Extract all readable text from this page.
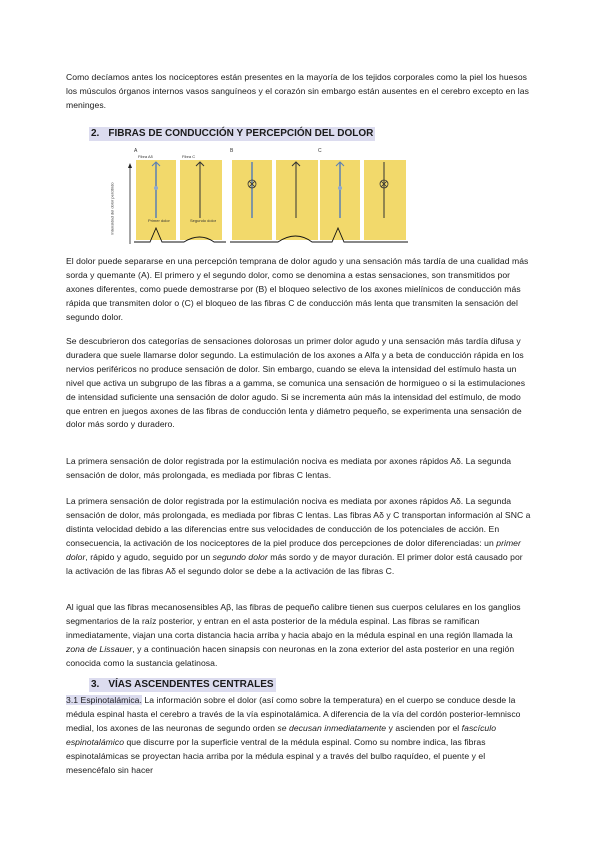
Como decíamos antes los nociceptores están presentes en la mayoría de los tejidos corporales como la piel los huesos los músculos órganos internos vasos sanguíneos y el corazón sin embargo están ausentes en el cerebro excepto en las meninges.

2. FIBRAS DE CONDUCCIÓN Y PERCEPCIÓN DEL DOLOR
A	B	C
Intensidad del dolor percibido
Fibra Aδ	Fibra C
Primer dolor	Segundo dolor

El dolor puede separarse en una percepción temprana de dolor agudo y una sensación más tardía de una cualidad más sorda y quemante (A). El primero y el segundo dolor, como se denomina a estas sensaciones, son transmitidos por axones diferentes, como puede demostrarse por (B) el bloqueo selectivo de los axones mielínicos de conducción más rápida que transmiten dolor o (C) el bloqueo de las fibras C de conducción más lenta que transmiten la sensación del segundo dolor.

Se descubrieron dos categorías de sensaciones dolorosas un primer dolor agudo y una sensación más tardía difusa y duradera que suele llamarse dolor segundo. La estimulación de los axones a Alfa y a beta de conducción rápida en los nervios periféricos no produce sensación de dolor. Sin embargo, cuando se eleva la intensidad del estímulo hasta un nivel que activa un subgrupo de las fibras a a gamma, se comunica una sensación de hormigueo o si la estimulaciones de intensidad suficiente una sensación de dolor agudo. Si se incrementa aún más la intensidad del estímulo, de modo que entren en juegos axones de las fibras de conducción lenta y diámetro pequeño, se experimenta una sensación de dolor más sordo y duradero.

La primera sensación de dolor registrada por la estimulación nociva es mediata por axones rápidos Aδ. La segunda sensación de dolor, más prolongada, es mediada por fibras C lentas.

La primera sensación de dolor registrada por la estimulación nociva es mediata por axones rápidos Aδ. La segunda sensación de dolor, más prolongada, es mediada por fibras C lentas. Las fibras Aδ y C transportan información al SNC a distinta velocidad debido a las diferencias entre sus velocidades de conducción de los potenciales de acción. En consecuencia, la activación de los nociceptores de la piel produce dos percepciones de dolor diferenciadas: un primer dolor, rápido y agudo, seguido por un segundo dolor más sordo y de mayor duración. El primer dolor está causado por la activación de las fibras Aδ el segundo dolor se debe a la activación de las fibras C.

Al igual que las fibras mecanosensibles Aβ, las fibras de pequeño calibre tienen sus cuerpos celulares en los ganglios segmentarios de la raíz posterior, y entran en el asta posterior de la médula espinal. Las fibras se ramifican inmediatamente, viajan una corta distancia hacia arriba y hacia abajo en la médula espinal en una región llamada la zona de Lissauer, y a continuación hacen sinapsis con neuronas en la zona exterior del asta posterior en una región conocida como la sustancia gelatinosa.

3. VÍAS ASCENDENTES CENTRALES

3.1 Espinotalámica. La información sobre el dolor (así como sobre la temperatura) en el cuerpo se conduce desde la médula espinal hasta el cerebro a través de la vía espinotalámica. A diferencia de la vía del cordón posterior-lemnisco medial, los axones de las neuronas de segundo orden se decusan inmediatamente y ascienden por el fascículo espinotalámico que discurre por la superficie ventral de la médula espinal. Como su nombre indica, las fibras espinotalámicas se proyectan hacia arriba por la médula espinal y a través del bulbo raquídeo, el puente y el mesencéfalo sin hacer
